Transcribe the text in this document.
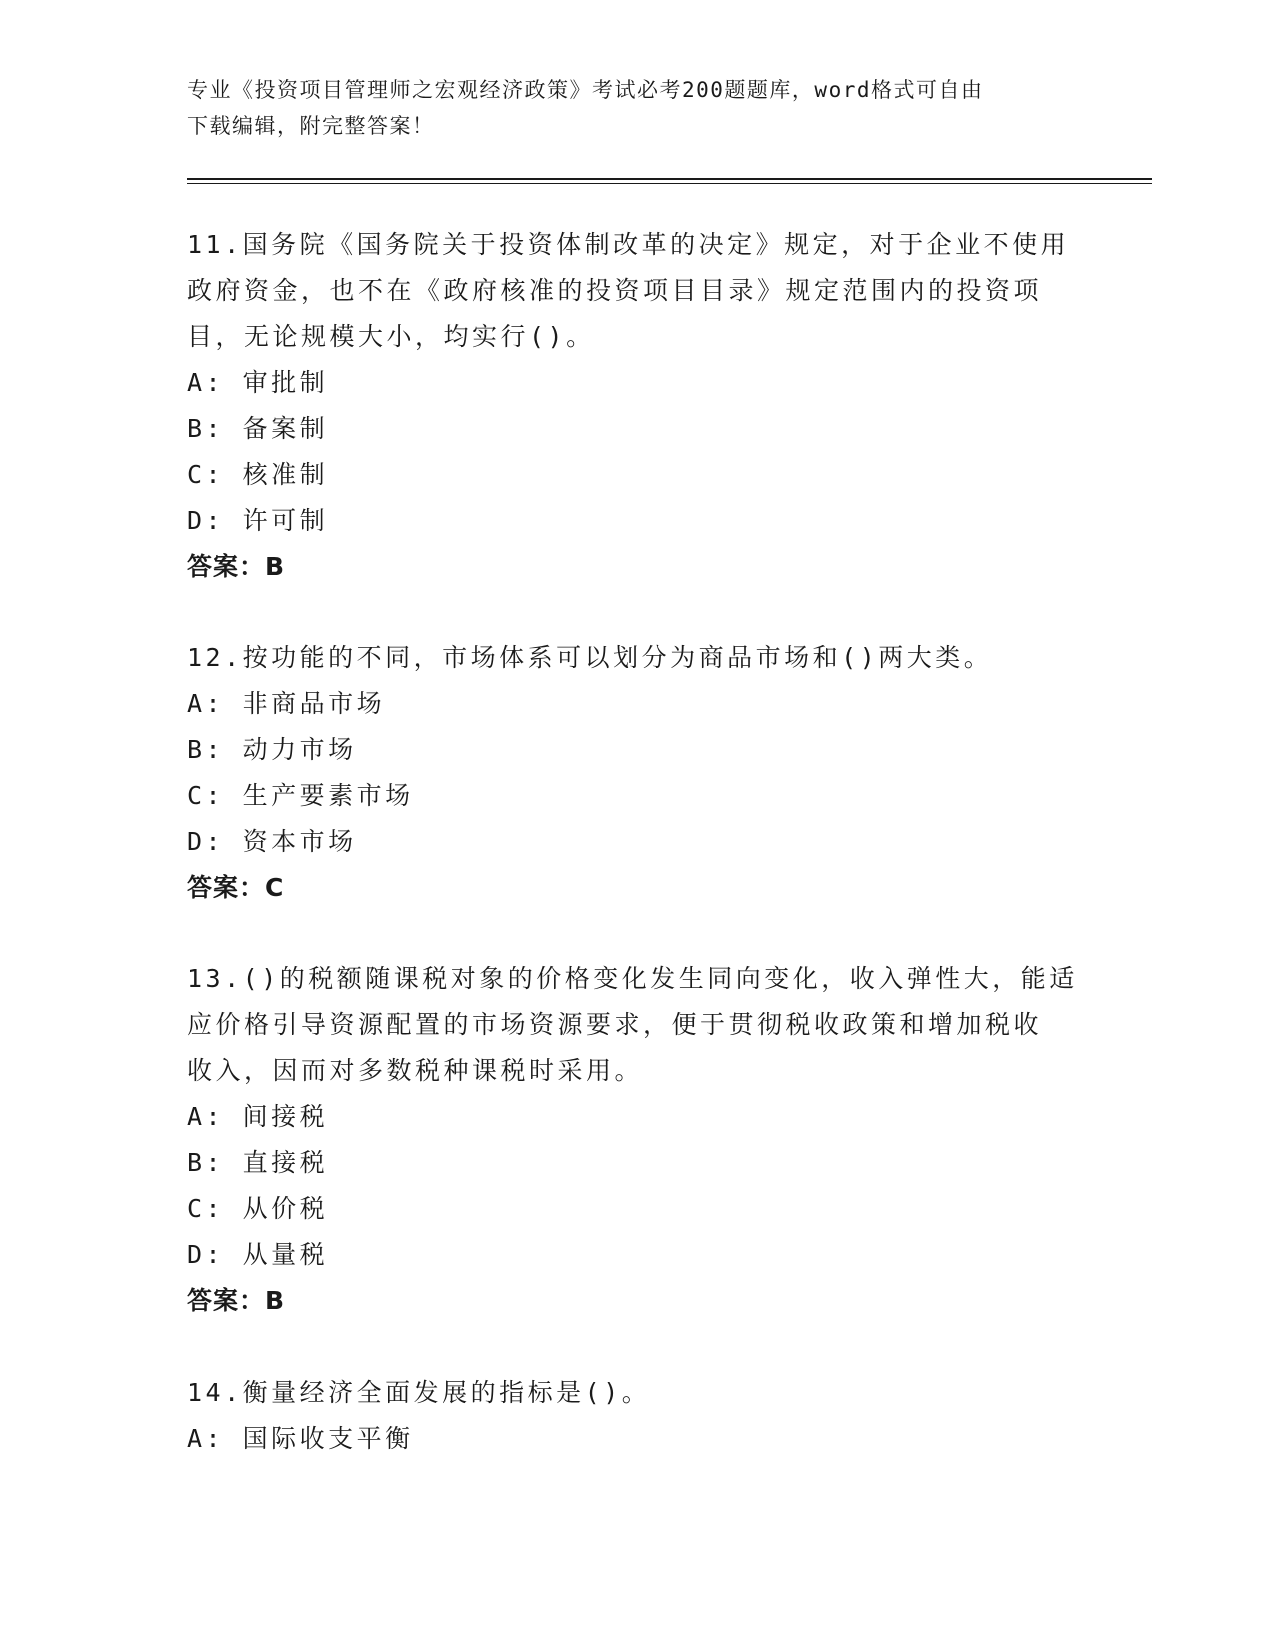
专业《投资项目管理师之宏观经济政策》考试必考200题题库，word格式可自由
下载编辑，附完整答案！
11.国务院《国务院关于投资体制改革的决定》规定，对于企业不使用
政府资金，也不在《政府核准的投资项目目录》规定范围内的投资项
目，无论规模大小，均实行()。
A: 审批制
B: 备案制
C: 核准制
D: 许可制
答案：B
12.按功能的不同，市场体系可以划分为商品市场和()两大类。
A: 非商品市场
B: 动力市场
C: 生产要素市场
D: 资本市场
答案：C
13.()的税额随课税对象的价格变化发生同向变化，收入弹性大，能适
应价格引导资源配置的市场资源要求，便于贯彻税收政策和增加税收
收入，因而对多数税种课税时采用。
A: 间接税
B: 直接税
C: 从价税
D: 从量税
答案：B
14.衡量经济全面发展的指标是()。
A: 国际收支平衡
